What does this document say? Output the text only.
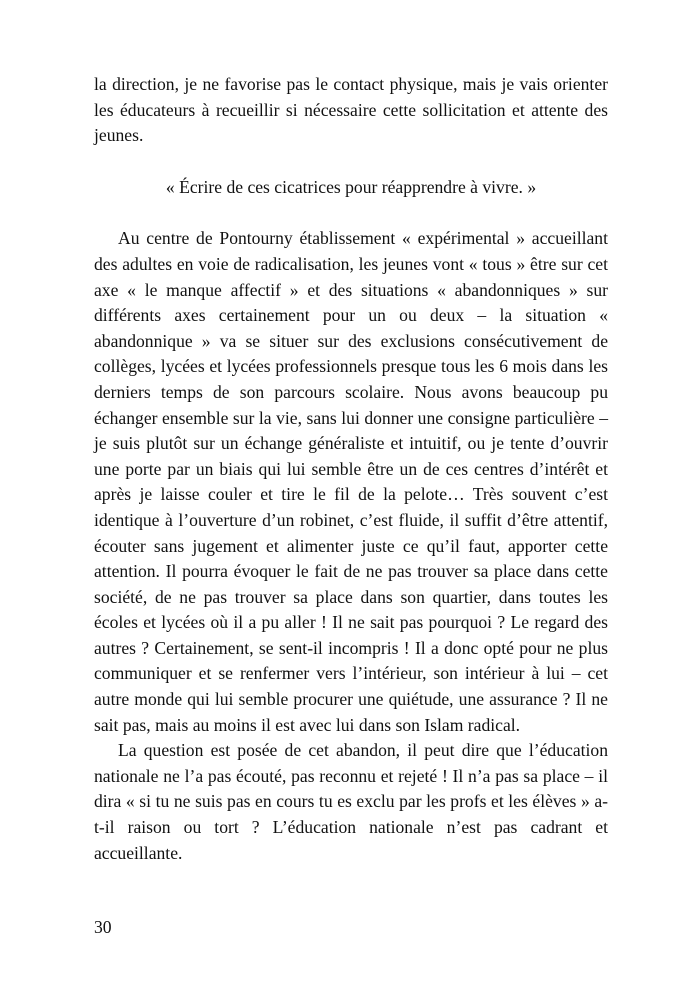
la direction, je ne favorise pas le contact physique, mais je vais orienter les éducateurs à recueillir si nécessaire cette sollicitation et attente des jeunes.

« Écrire de ces cicatrices pour réapprendre à vivre. »

Au centre de Pontourny établissement « expérimental » accueillant des adultes en voie de radicalisation, les jeunes vont « tous » être sur cet axe « le manque affectif » et des situations « abandonniques » sur différents axes certainement pour un ou deux – la situation « abandonnique » va se situer sur des exclusions consécutivement de collèges, lycées et lycées professionnels presque tous les 6 mois dans les derniers temps de son parcours scolaire. Nous avons beaucoup pu échanger ensemble sur la vie, sans lui donner une consigne particulière – je suis plutôt sur un échange généraliste et intuitif, ou je tente d’ouvrir une porte par un biais qui lui semble être un de ces centres d’intérêt et après je laisse couler et tire le fil de la pelote… Très souvent c’est identique à l’ouverture d’un robinet, c’est fluide, il suffit d’être attentif, écouter sans jugement et alimenter juste ce qu’il faut, apporter cette attention. Il pourra évoquer le fait de ne pas trouver sa place dans cette société, de ne pas trouver sa place dans son quartier, dans toutes les écoles et lycées où il a pu aller ! Il ne sait pas pourquoi ? Le regard des autres ? Certainement, se sent-il incompris ! Il a donc opté pour ne plus communiquer et se renfermer vers l’intérieur, son intérieur à lui – cet autre monde qui lui semble procurer une quiétude, une assurance ? Il ne sait pas, mais au moins il est avec lui dans son Islam radical.

La question est posée de cet abandon, il peut dire que l’éducation nationale ne l’a pas écouté, pas reconnu et rejeté ! Il n’a pas sa place – il dira « si tu ne suis pas en cours tu es exclu par les profs et les élèves » a-t-il raison ou tort ? L’éducation nationale n’est pas cadrant et accueillante.

30
